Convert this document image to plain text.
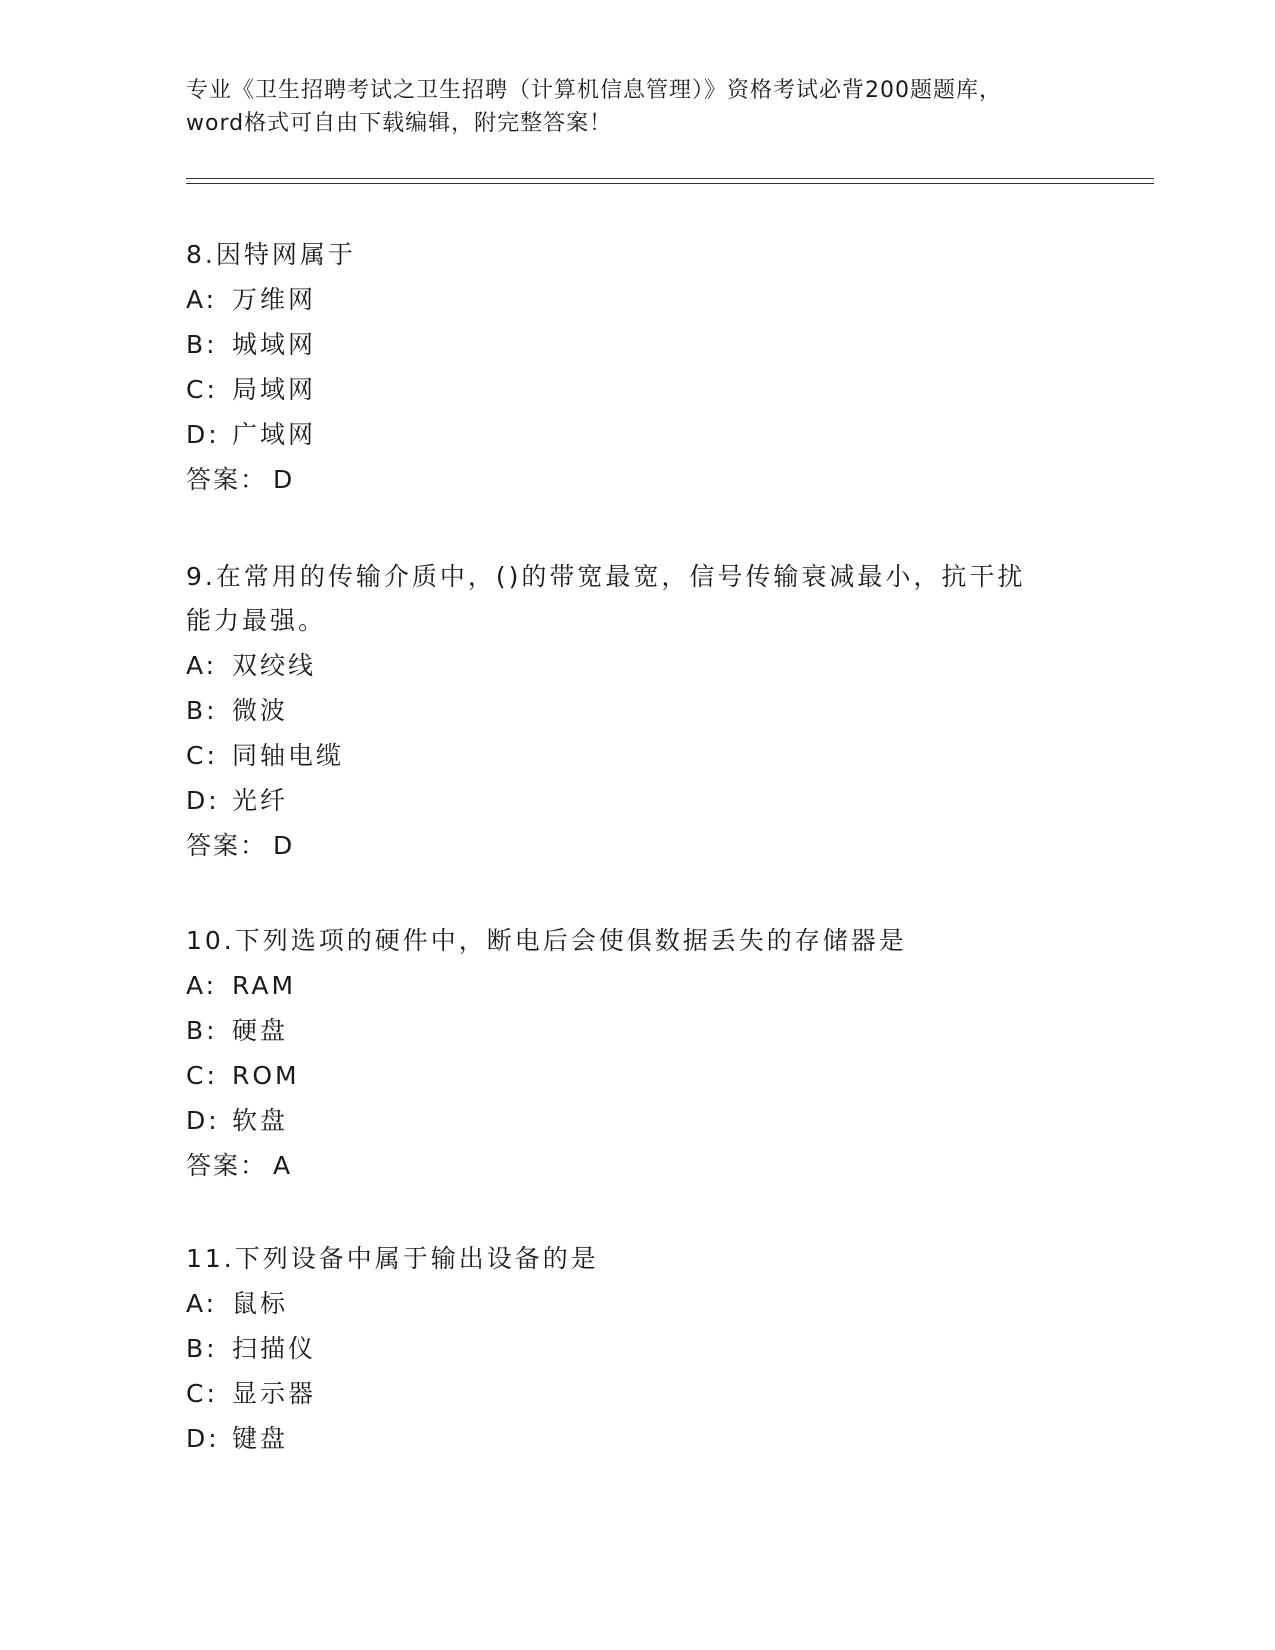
专业《卫生招聘考试之卫生招聘（计算机信息管理）》资格考试必背200题题库，
word格式可自由下载编辑，附完整答案！

8.因特网属于

A: 万维网

B: 城域网

C: 局域网

D: 广域网

答案： D

9.在常用的传输介质中，()的带宽最宽，信号传输衰减最小，抗干扰

能力最强。

A: 双绞线

B: 微波

C: 同轴电缆

D: 光纤

答案： D

10.下列选项的硬件中，断电后会使俱数据丢失的存储器是

A: RAM

B: 硬盘

C: ROM

D: 软盘

答案： A

11.下列设备中属于输出设备的是

A: 鼠标

B: 扫描仪

C: 显示器

D: 键盘
